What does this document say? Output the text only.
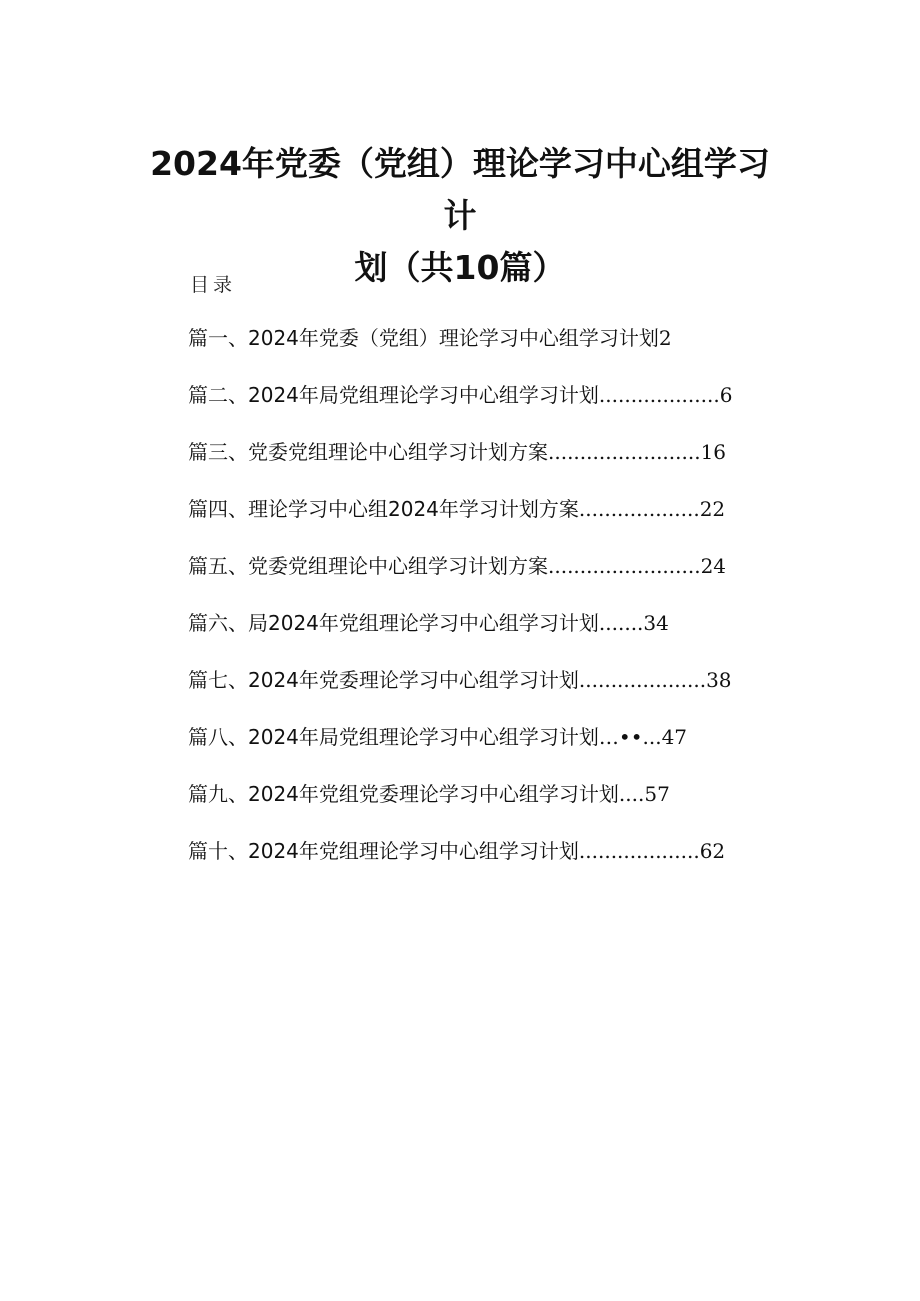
2024年党委（党组）理论学习中心组学习计
划（共10篇）
目录
篇一、2024年党委（党组）理论学习中心组学习计划 2
篇二、2024年局党组理论学习中心组学习计划 ................... 6
篇三、党委党组理论中心组学习计划方案 ........................ 16
篇四、理论学习中心组2024年学习计划方案 ................... 22
篇五、党委党组理论中心组学习计划方案 ........................ 24
篇六、局2024年党组理论学习中心组学习计划 ....... 34
篇七、2024年党委理论学习中心组学习计划 .................... 38
篇八、2024年局党组理论学习中心组学习计划 …••... 47
篇九、2024年党组党委理论学习中心组学习计划 .... 57
篇十、2024年党组理论学习中心组学习计划 ................... 62
